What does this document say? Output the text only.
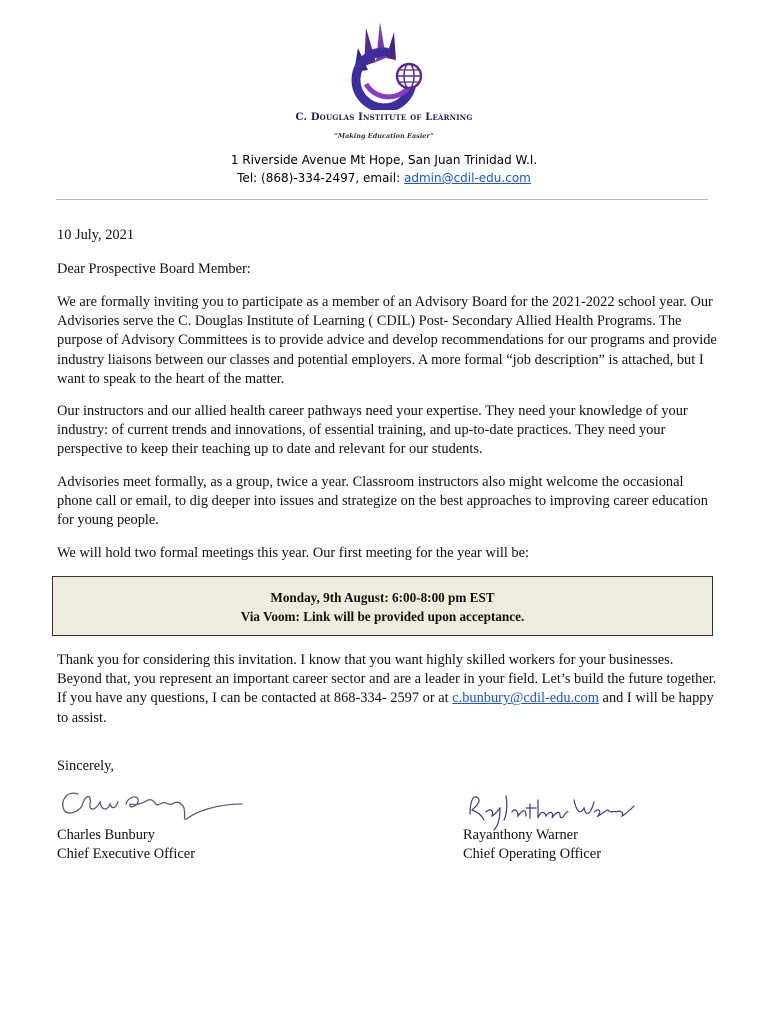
C. Douglas Institute of Learning
“Making Education Easier”
1 Riverside Avenue Mt Hope, San Juan Trinidad W.I.
Tel: (868)-334-2497, email: admin@cdil-edu.com

10 July, 2021

Dear Prospective Board Member:

We are formally inviting you to participate as a member of an Advisory Board for the 2021-2022 school year. Our Advisories serve the C. Douglas Institute of Learning ( CDIL) Post- Secondary Allied Health Programs. The purpose of Advisory Committees is to provide advice and develop recommendations for our programs and provide industry liaisons between our classes and potential employers. A more formal “job description” is attached, but I want to speak to the heart of the matter.

Our instructors and our allied health career pathways need your expertise. They need your knowledge of your industry: of current trends and innovations, of essential training, and up-to-date practices. They need your perspective to keep their teaching up to date and relevant for our students.

Advisories meet formally, as a group, twice a year. Classroom instructors also might welcome the occasional phone call or email, to dig deeper into issues and strategize on the best approaches to improving career education for young people.

We will hold two formal meetings this year. Our first meeting for the year will be:

Monday, 9th August: 6:00-8:00 pm EST
Via Voom: Link will be provided upon acceptance.

Thank you for considering this invitation. I know that you want highly skilled workers for your businesses. Beyond that, you represent an important career sector and are a leader in your field. Let’s build the future together. If you have any questions, I can be contacted at 868-334- 2597 or at c.bunbury@cdil-edu.com and I will be happy to assist.

Sincerely,

Charles Bunbury
Chief Executive Officer
Rayanthony Warner
Chief Operating Officer
